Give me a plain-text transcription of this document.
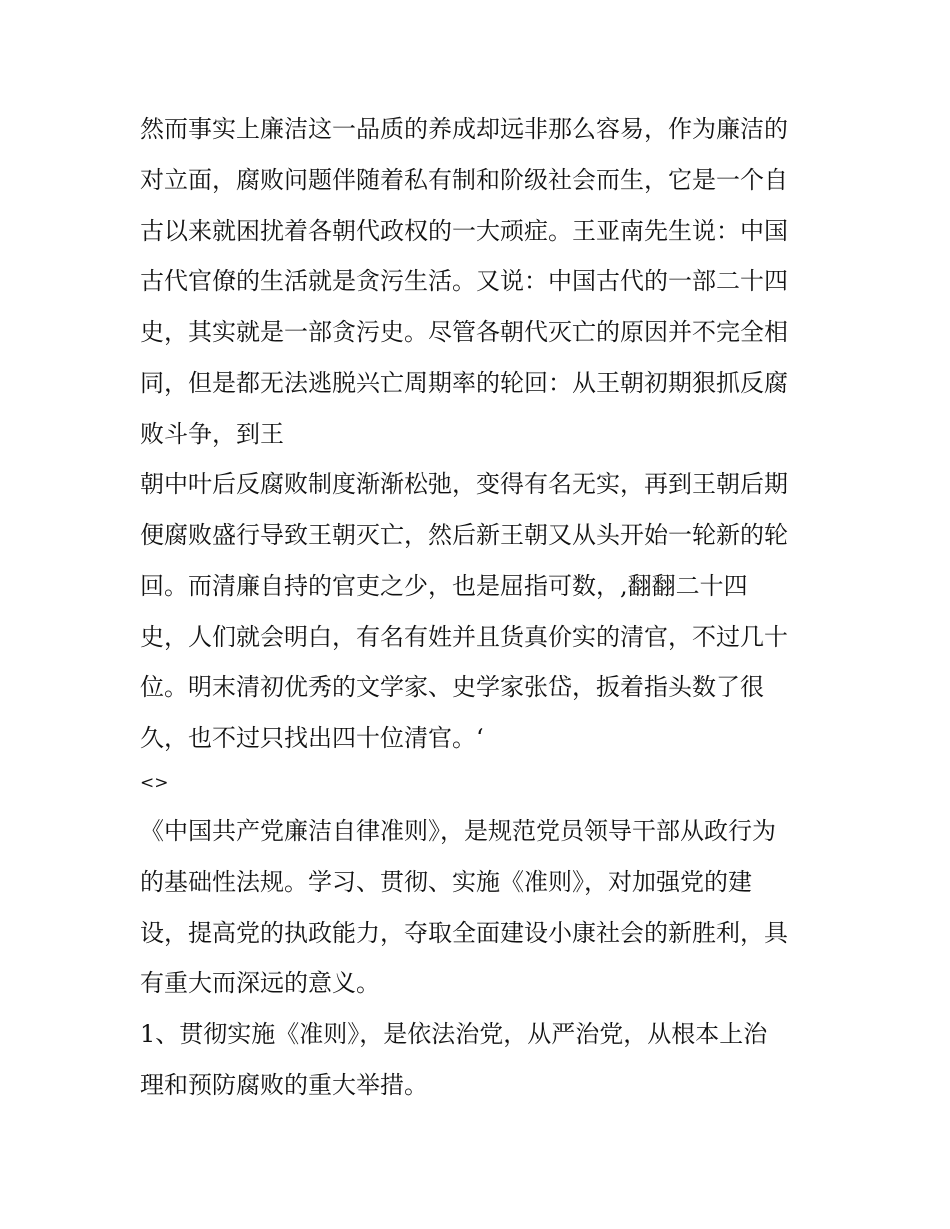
然而事实上廉洁这一品质的养成却远非那么容易，作为廉洁的
对立面，腐败问题伴随着私有制和阶级社会而生，它是一个自
古以来就困扰着各朝代政权的一大顽症。王亚南先生说：中国
古代官僚的生活就是贪污生活。又说：中国古代的一部二十四
史，其实就是一部贪污史。尽管各朝代灭亡的原因并不完全相
同，但是都无法逃脱兴亡周期率的轮回：从王朝初期狠抓反腐
败斗争，到王
朝中叶后反腐败制度渐渐松弛，变得有名无实，再到王朝后期
便腐败盛行导致王朝灭亡，然后新王朝又从头开始一轮新的轮
回。而清廉自持的官吏之少，也是屈指可数，,翻翻二十四
史，人们就会明白，有名有姓并且货真价实的清官，不过几十
位。明末清初优秀的文学家、史学家张岱，扳着指头数了很
久，也不过只找出四十位清官。‘
<>
《中国共产党廉洁自律准则》，是规范党员领导干部从政行为
的基础性法规。学习、贯彻、实施《准则》，对加强党的建
设，提高党的执政能力，夺取全面建设小康社会的新胜利，具
有重大而深远的意义。
1、贯彻实施《准则》，是依法治党，从严治党，从根本上治
理和预防腐败的重大举措。
